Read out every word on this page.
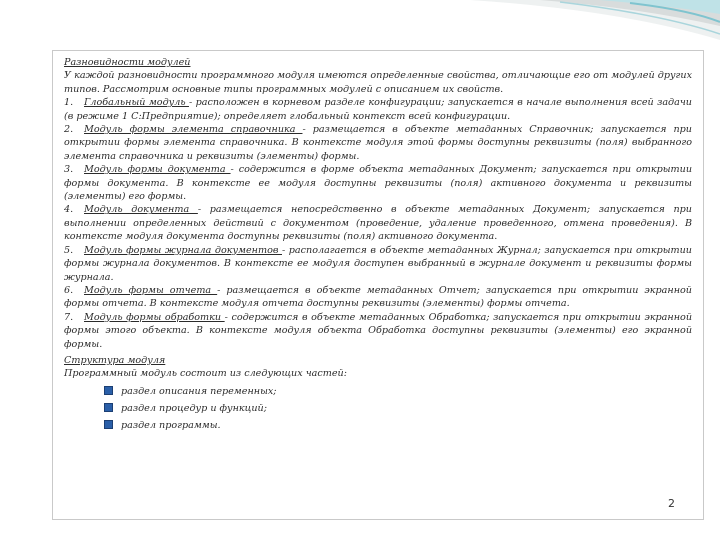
Разновидности модулей

У каждой разновидности программного модуля имеются определенные свойства, отличающие его от модулей других типов. Рассмотрим основные типы программных модулей с описанием их свойств.

1. Глобальный модуль - расположен в корневом разделе конфигурации; запускается в начале выполнения всей задачи (в режиме 1 С:Предприятие); определяет глобальный контекст всей конфигурации.

2. Модуль формы элемента справочника - размещается в объекте метаданных Справочник; запускается при открытии формы элемента справочника. В контексте модуля этой формы доступны реквизиты (поля) выбранного элемента справочника и реквизиты (элементы) формы.

3. Модуль формы документа - содержится в форме объекта метаданных Документ; запускается при открытии формы документа. В контексте ее модуля доступны реквизиты (поля) активного документа и реквизиты (элементы) его формы.

4. Модуль документа - размещается непосредственно в объекте метаданных Документ; запускается при выполнении определенных действий с документом (проведение, удаление проведенного, отмена проведения). В контексте модуля документа доступны реквизиты (поля) активного документа.

5. Модуль формы журнала документов - располагается в объекте метаданных Журнал; запускается при открытии формы журнала документов. В контексте ее модуля доступен выбранный в журнале документ и реквизиты формы журнала.

6. Модуль формы отчета - размещается в объекте метаданных Отчет; запускается при открытии экранной формы отчета. В контексте модуля отчета доступны реквизиты (элементы) формы отчета.

7. Модуль формы обработки - содержится в объекте метаданных Обработка; запускается при открытии экранной формы этого объекта. В контексте модуля объекта Обработка доступны реквизиты (элементы) его экранной формы.

Структура модуля

Программный модуль состоит из следующих частей:

раздел описания переменных;
раздел процедур и функций;
раздел программы.
2
